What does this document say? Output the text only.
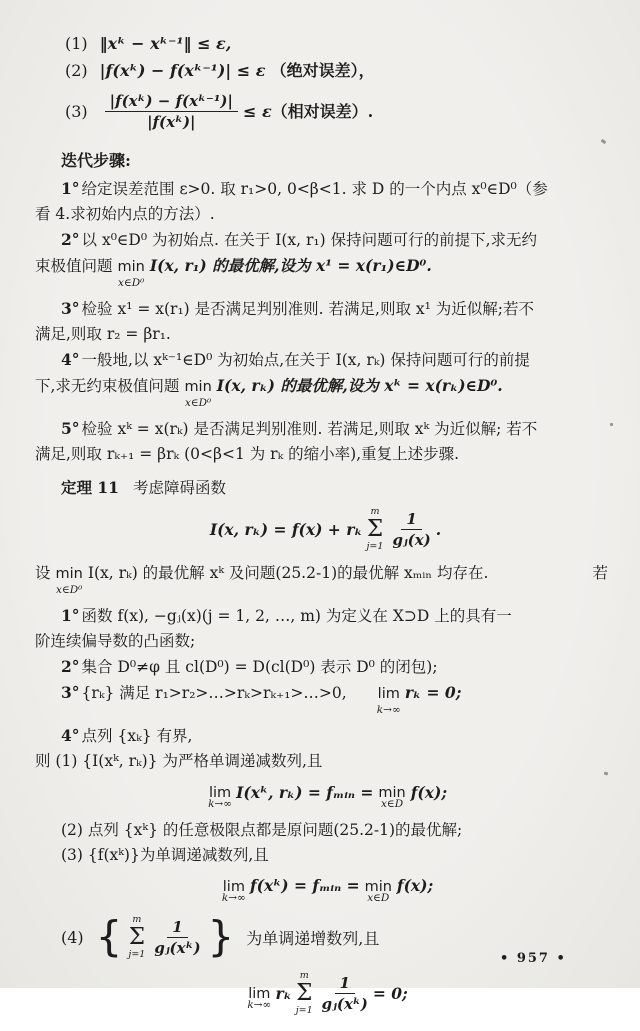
(1) ‖xᵏ − xᵏ⁻¹‖ ≤ ε,
(2) |f(xᵏ) − f(xᵏ⁻¹)| ≤ ε （绝对误差），
$(3) \frac{\text{|f(xᵏ) − f(xᵏ⁻¹)|}}{\text{|f(xᵏ)|}} \le \varepsilon$ （相对误差）.

迭代步骤:

1° 给定误差范围 ε>0. 取 r₁>0, 0<β<1. 求 D 的一个内点 x⁰∈D⁰（参

看 4.求初始内点的方法）.

2° 以 x⁰∈D⁰ 为初始点. 在关于 I(x, r₁) 保持问题可行的前提下,求无约

束极值问题 min
x∈D⁰
I(x, r₁) 的最优解,设为 x¹ = x(r₁)∈D⁰.

3° 检验 x¹ = x(r₁) 是否满足判别准则. 若满足,则取 x¹ 为近似解;若不

满足,则取 r₂ = βr₁.

4° 一般地,以 xᵏ⁻¹∈D⁰ 为初始点,在关于 I(x, rₖ) 保持问题可行的前提

下,求无约束极值问题 min
x∈D⁰
I(x, rₖ) 的最优解,设为 xᵏ = x(rₖ)∈D⁰.

5° 检验 xᵏ = x(rₖ) 是否满足判别准则. 若满足,则取 xᵏ 为近似解; 若不

满足,则取 rₖ₊₁ = βrₖ (0<β<1 为 rₖ 的缩小率),重复上述步骤.

定理 11 考虑障碍函数

I(x, rₖ) = f(x) + rₖ
m
Σ
$j=1 \frac{1}{\text{gⱼ(x)}}$ .

设 min
x∈D⁰
I(x, rₖ) 的最优解 xᵏ 及问题(25.2-1)的最优解 xₘᵢₙ 均存在.	若

1° 函数 f(x), −gⱼ(x)(j = 1, 2, …, m) 为定义在 X⊃D 上的具有一

阶连续偏导数的凸函数;

2° 集合 D⁰≠φ 且 cl(D⁰) = D(cl(D⁰) 表示 D⁰ 的闭包);

3° {rₖ} 满足 r₁>r₂>…>rₖ>rₖ₊₁>…>0, lim
k→∞
rₖ = 0;

4° 点列 {xₖ} 有界,

则 (1) {I(xᵏ, rₖ)} 为严格单调递减数列,且

lim
k→∞
I(xᵏ, rₖ) = fₘᵢₙ = min
x∈D
f(x);

(2) 点列 {xᵏ} 的任意极限点都是原问题(25.2-1)的最优解;

(3) {f(xᵏ)}为单调递减数列,且

lim
k→∞
f(xᵏ) = fₘᵢₙ = min
x∈D
f(x);
(4) { m
Σ
$j=1 \frac{1}{\text{gⱼ(xᵏ)}}$ } 为单调递增数列,且
lim
k→∞
rₖ
m
Σ
$j=1 \frac{1}{\text{gⱼ(xᵏ)}} = 0$;
• 957 •
